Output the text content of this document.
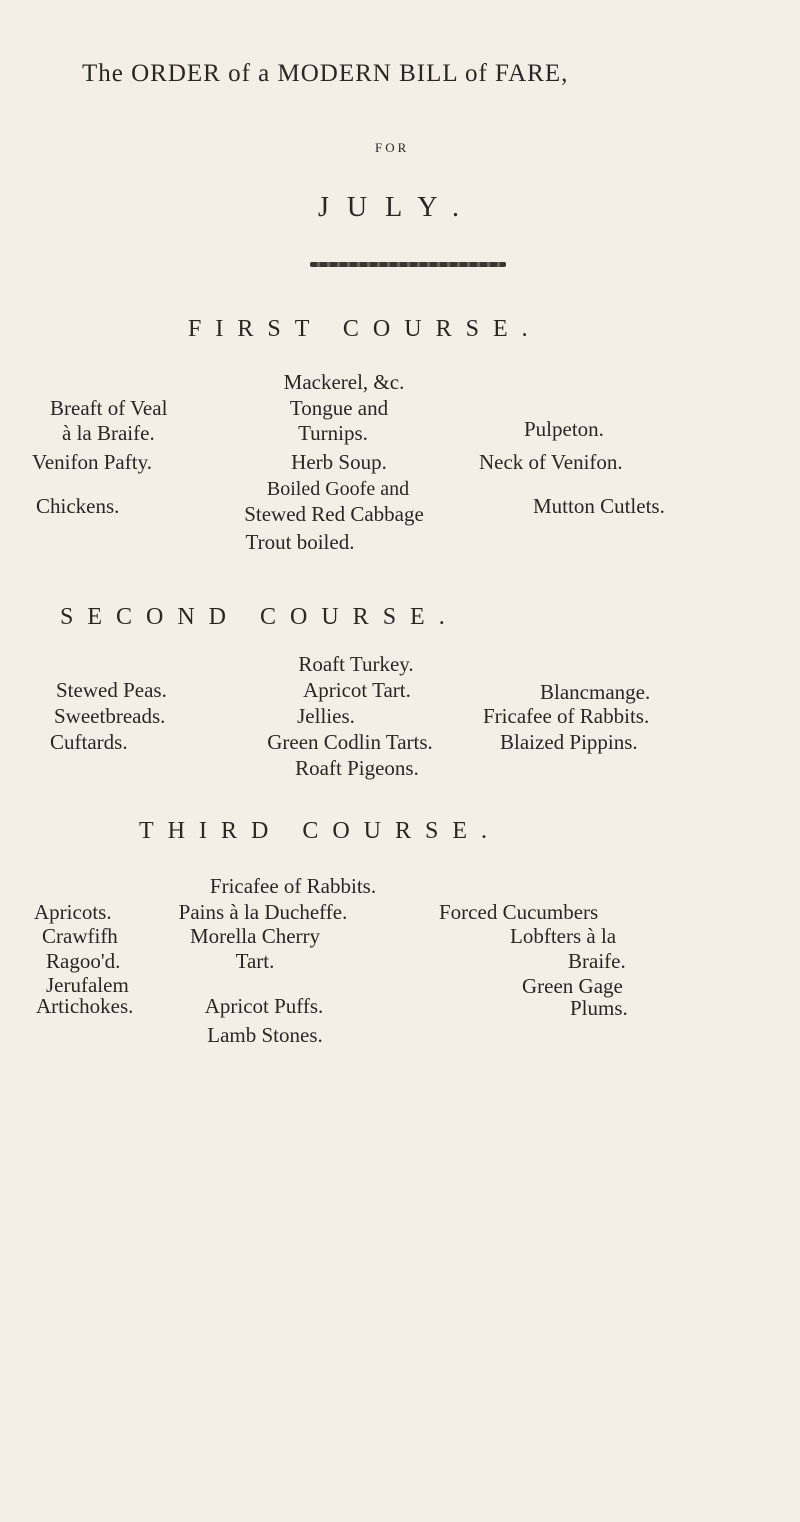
The ORDER of a MODERN BILL of FARE,
FOR
JULY.
FIRST COURSE.
Breaft of Veal
à la Braife.
Venifon Pafty.
Chickens.
Mackerel, &c.
Tongue and
Turnips.
Herb Soup.
Boiled Goofe and
Stewed Red Cabbage
Trout boiled.
Pulpeton.
Neck of Venifon.
Mutton Cutlets.
SECOND COURSE.
Stewed Peas.
Sweetbreads.
Cuftards.
Roaft Turkey.
Apricot Tart.
Jellies.
Green Codlin Tarts.
Roaft Pigeons.
Blancmange.
Fricafee of Rabbits.
Blaized Pippins.
THIRD COURSE.
Apricots.
Crawfifh
Ragoo'd.
Jerufalem
Artichokes.
Fricafee of Rabbits.
Pains à la Ducheffe.
Morella Cherry
Tart.
Apricot Puffs.
Lamb Stones.
Forced Cucumbers
Lobfters à la
Braife.
Green Gage
Plums.
